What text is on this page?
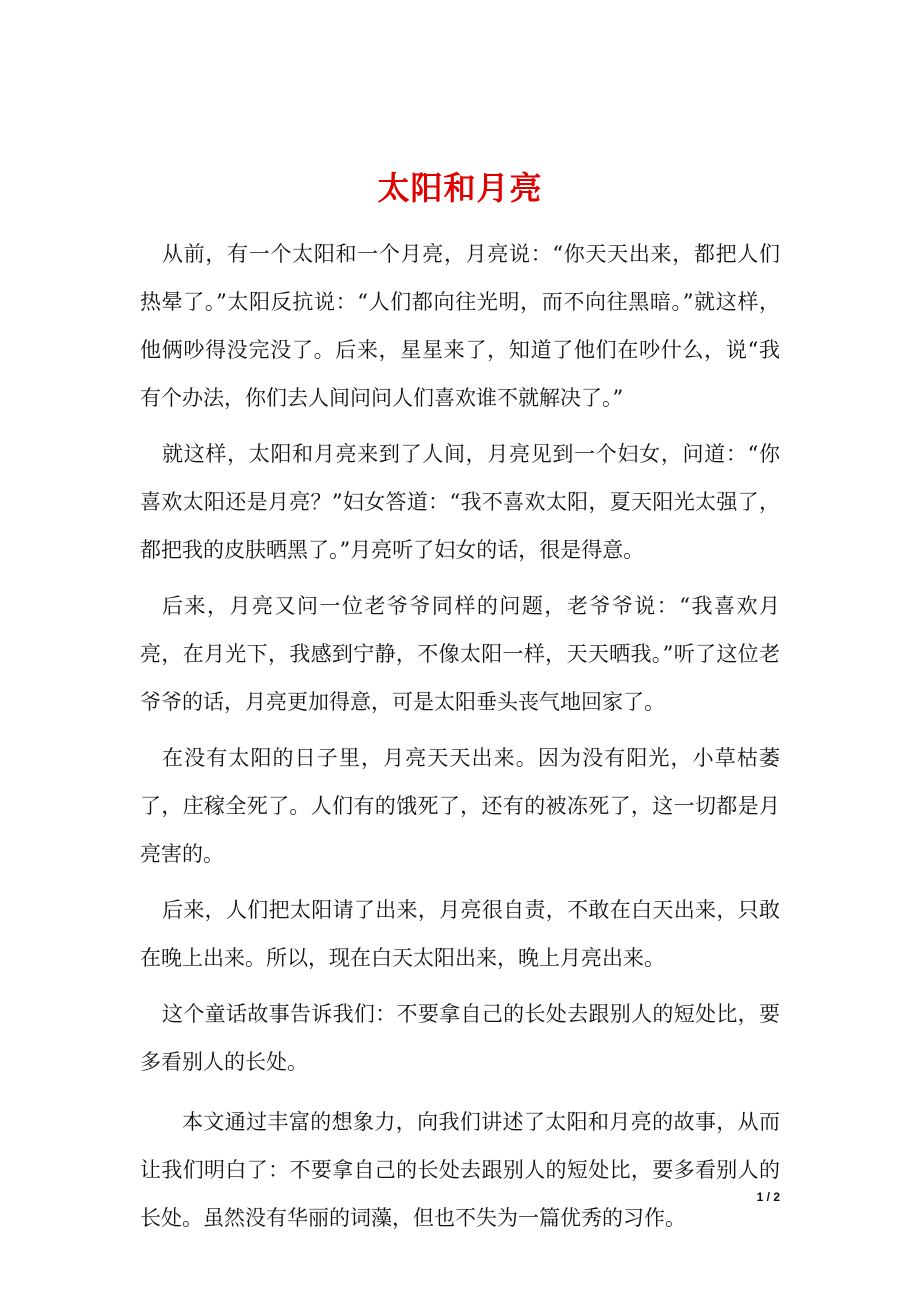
太阳和月亮

从前，有一个太阳和一个月亮，月亮说：“你天天出来，都把人们热晕了。”太阳反抗说：“人们都向往光明，而不向往黑暗。”就这样，他俩吵得没完没了。后来，星星来了，知道了他们在吵什么，说“我有个办法，你们去人间问问人们喜欢谁不就解决了。”

就这样，太阳和月亮来到了人间，月亮见到一个妇女，问道：“你喜欢太阳还是月亮？”妇女答道：“我不喜欢太阳，夏天阳光太强了，都把我的皮肤晒黑了。”月亮听了妇女的话，很是得意。

后来，月亮又问一位老爷爷同样的问题，老爷爷说：“我喜欢月亮，在月光下，我感到宁静，不像太阳一样，天天晒我。”听了这位老爷爷的话，月亮更加得意，可是太阳垂头丧气地回家了。

在没有太阳的日子里，月亮天天出来。因为没有阳光，小草枯萎了，庄稼全死了。人们有的饿死了，还有的被冻死了，这一切都是月亮害的。

后来，人们把太阳请了出来，月亮很自责，不敢在白天出来，只敢在晚上出来。所以，现在白天太阳出来，晚上月亮出来。

这个童话故事告诉我们：不要拿自己的长处去跟别人的短处比，要多看别人的长处。

本文通过丰富的想象力，向我们讲述了太阳和月亮的故事，从而让我们明白了：不要拿自己的长处去跟别人的短处比，要多看别人的长处。虽然没有华丽的词藻，但也不失为一篇优秀的习作。

1 / 2
